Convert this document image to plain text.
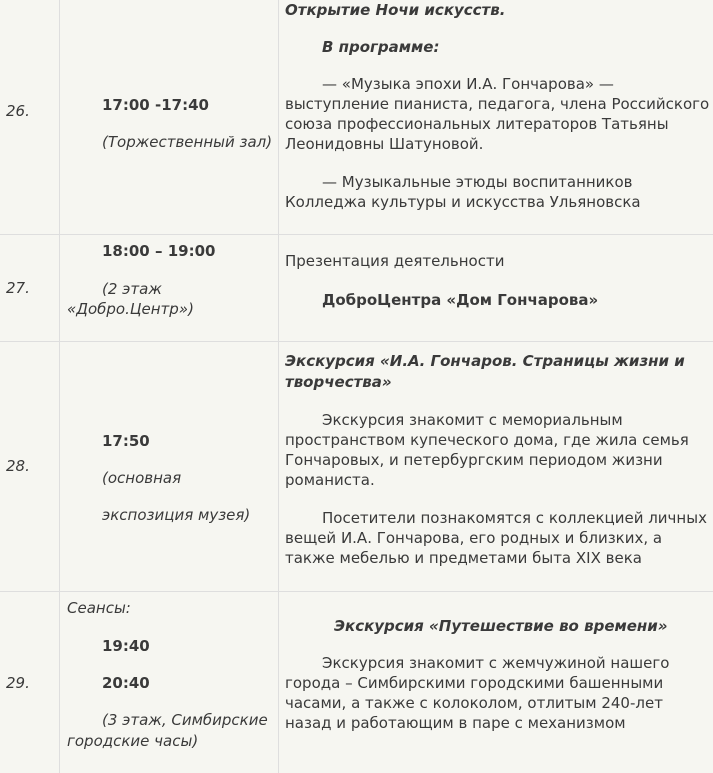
26.	17:00 -17:40
(Торжественный зал)
Открытие Ночи искусств.
В программе:
— «Музыка эпохи И.А. Гончарова» — выступление пианиста, педагога, члена Российского союза профессиональных литераторов Татьяны Леонидовны Шатуновой.
— Музыкальные этюды воспитанников Колледжа культуры и искусства Ульяновска
27.
18:00 – 19:00
(2 этаж
«Добро.Центр»)
Презентация деятельности
ДоброЦентра «Дом Гончарова»
28.
17:50
(основная
экспозиция музея)
Экскурсия «И.А. Гончаров. Страницы жизни и
творчества»
Экскурсия знакомит с мемориальным пространством купеческого дома, где жила семья Гончаровых, и петербургским периодом жизни романиста.
Посетители познакомятся с коллекцией личных вещей И.А. Гончарова, его родных и близких, а также мебелью и предметами быта XIX века
29.
Сеансы:
19:40
20:40
(3 этаж, Симбирские
городские часы)
Экскурсия «Путешествие во времени»
Экскурсия знакомит с жемчужиной нашего города – Симбирскими городскими башенными часами, а также с колоколом, отлитым 240-лет назад и работающим в паре с механизмом
